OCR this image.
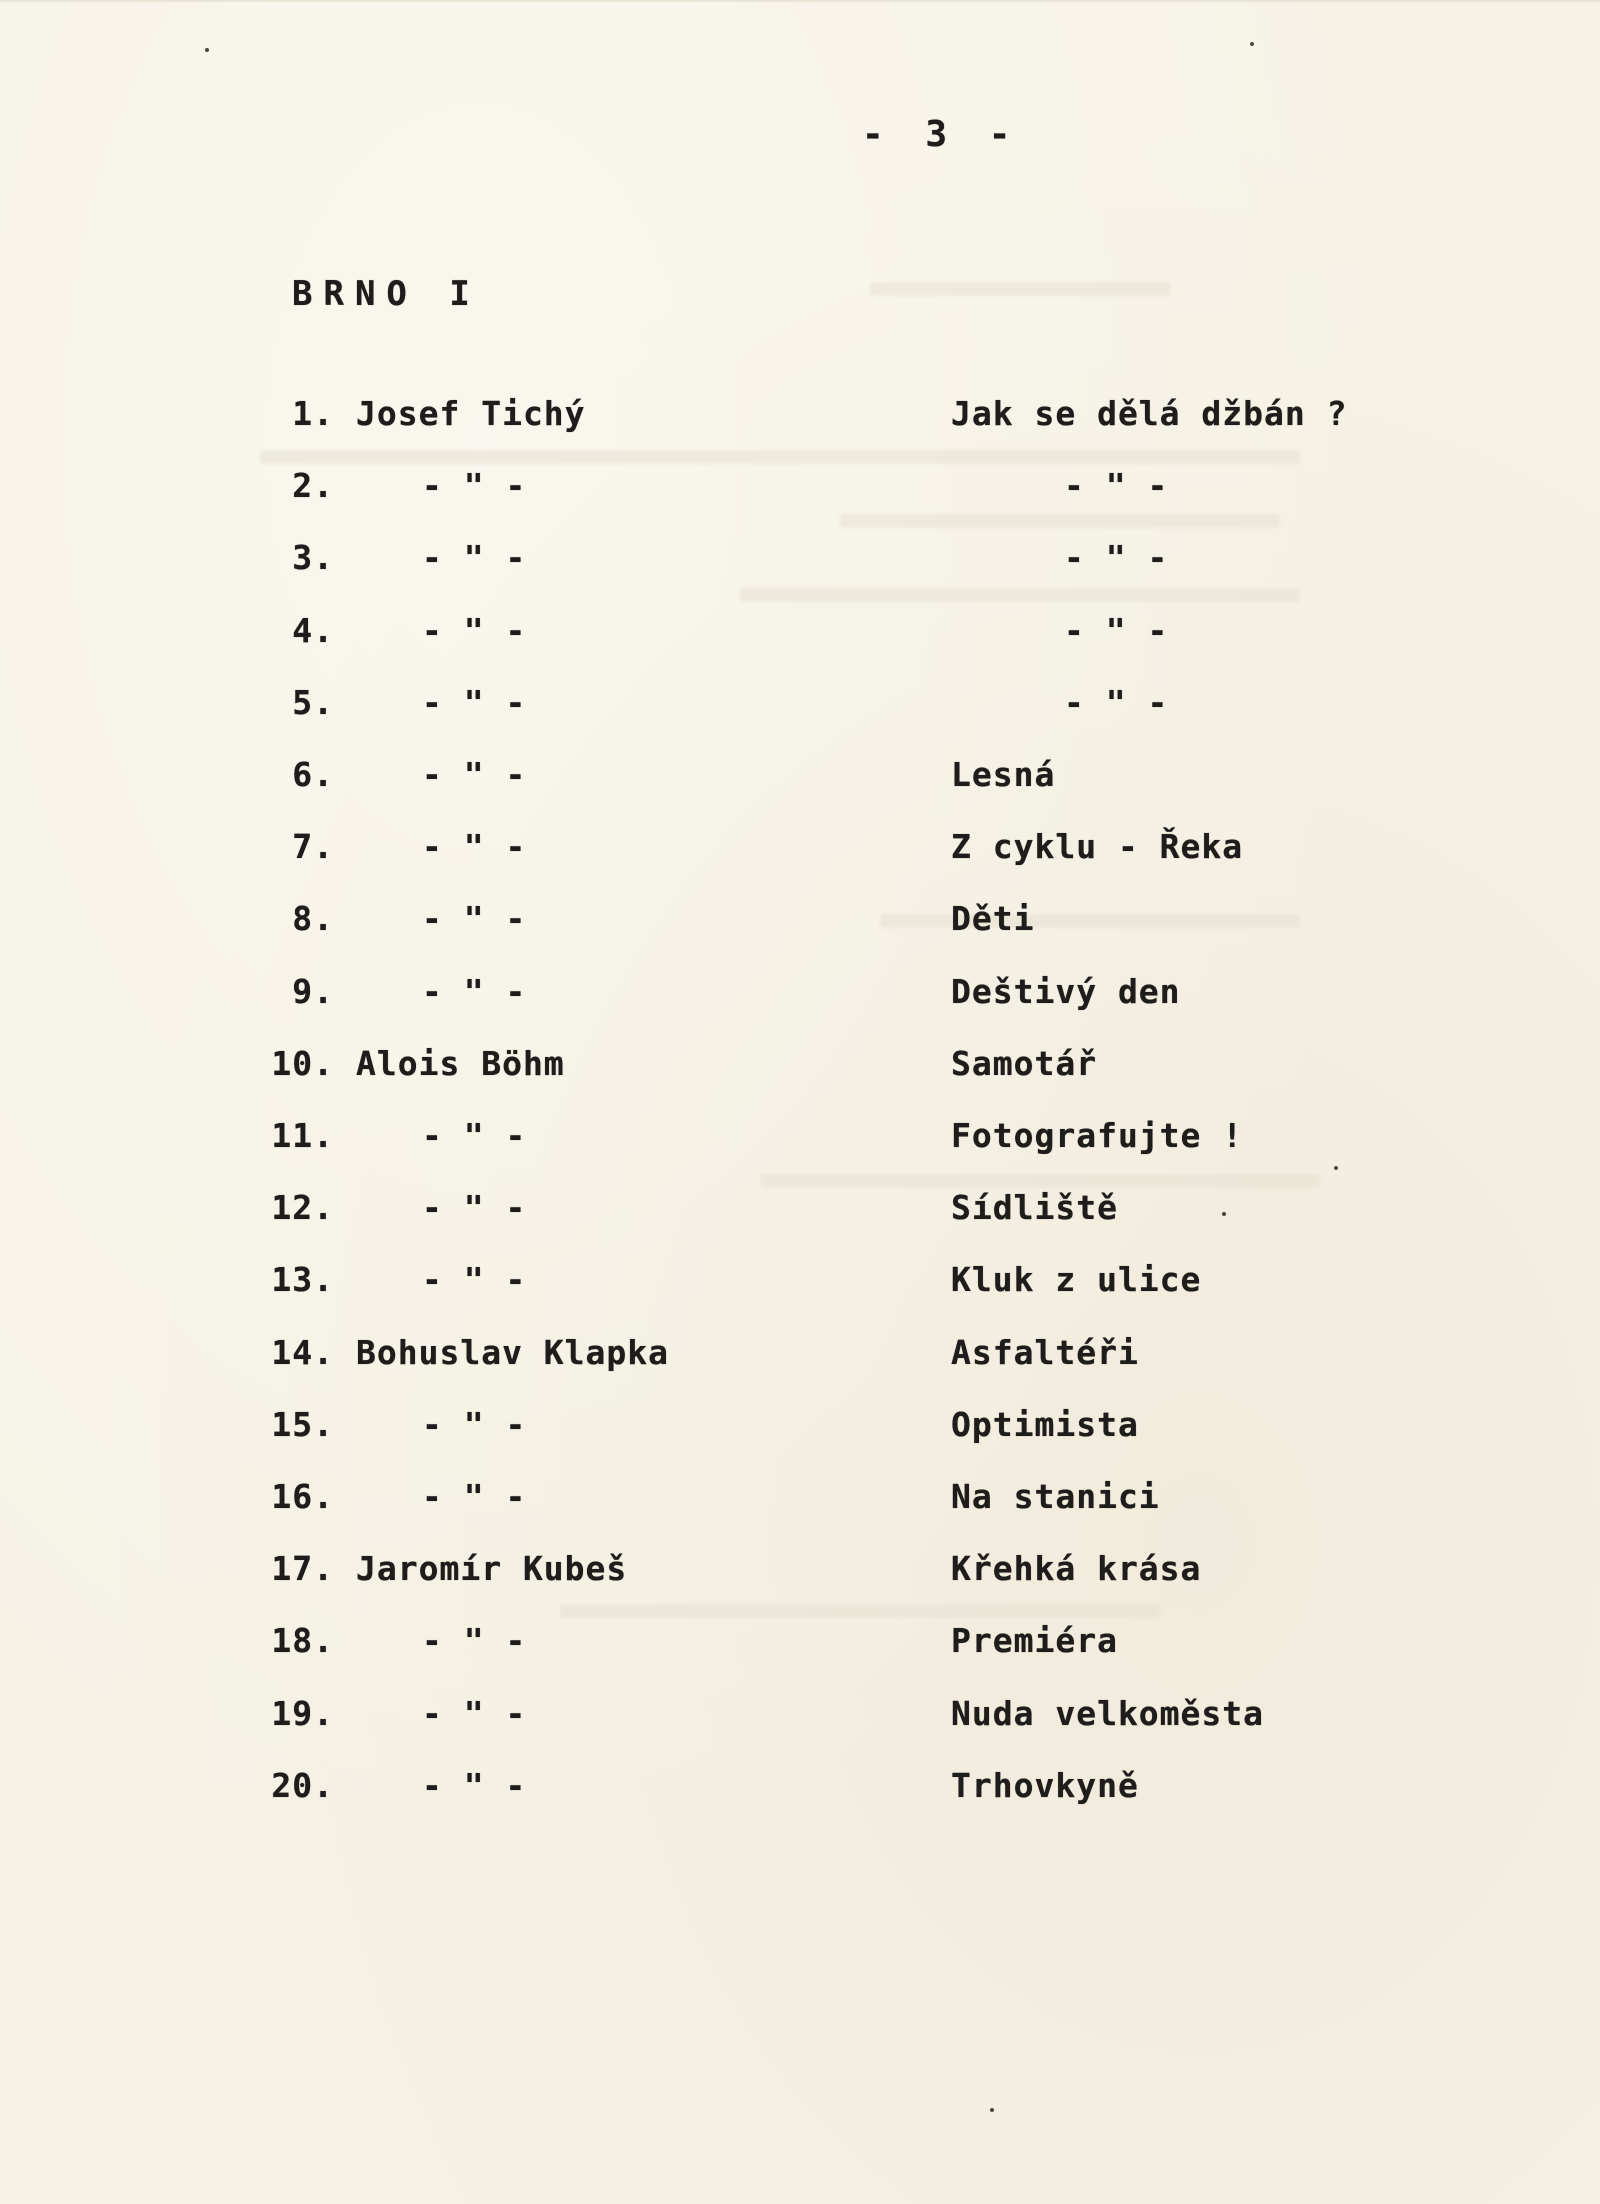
- 3 -
BRNO I
1. Josef Tichý	Jak se dělá džbán ?
2.	- " -	- " -
3.	- " -	- " -
4.	- " -	- " -
5.	- " -	- " -
6.	- " -	Lesná
7.	- " -	Z cyklu - Řeka
8.	- " -	Děti
9.	- " -	Deštivý den
10. Alois Böhm	Samotář
11.	- " -	Fotografujte !
12.	- " -	Sídliště
13.	- " -	Kluk z ulice
14. Bohuslav Klapka	Asfaltéři
15.	- " -	Optimista
16.	- " -	Na stanici
17. Jaromír Kubeš	Křehká krása
18.	- " -	Premiéra
19.	- " -	Nuda velkoměsta
20.	- " -	Trhovkyně
